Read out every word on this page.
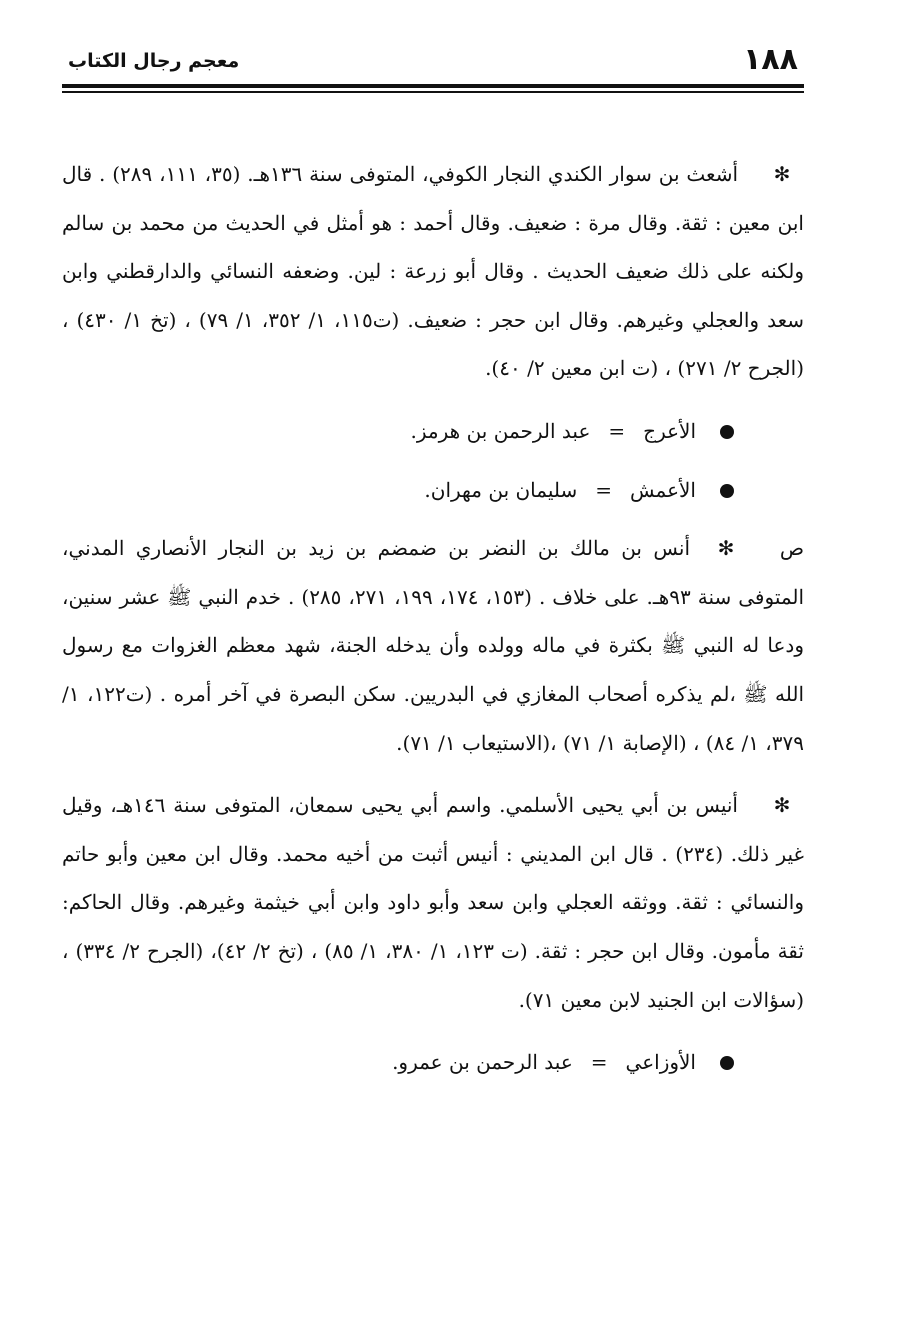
١٨٨
معجم رجال الكتاب

✻أشعث بن سوار الكندي النجار الكوفي، المتوفى سنة ١٣٦هـ. (٣٥، ١١١، ٢٨٩) . قال ابن معين : ثقة. وقال مرة : ضعيف. وقال أحمد : هو أمثل في الحديث من محمد بن سالم ولكنه على ذلك ضعيف الحديث . وقال أبو زرعة : لين. وضعفه النسائي والدارقطني وابن سعد والعجلي وغيرهم. وقال ابن حجر : ضعيف. (ت١١٥، ١/ ٣٥٢، ١/ ٧٩) ، (تخ ١/ ٤٣٠) ، (الجرح ٢/ ٢٧١) ، (ت ابن معين ٢/ ٤٠).

الأعرج=عبد الرحمن بن هرمز.
الأعمش=سليمان بن مهران.

ص✻أنس بن مالك بن النضر بن ضمضم بن زيد بن النجار الأنصاري المدني، المتوفى سنة ٩٣هـ. على خلاف . (١٥٣، ١٧٤، ١٩٩، ٢٧١، ٢٨٥) . خدم النبي ﷺ عشر سنين، ودعا له النبي ﷺ بكثرة في ماله وولده وأن يدخله الجنة، شهد معظم الغزوات مع رسول الله ﷺ ،لم يذكره أصحاب المغازي في البدريين. سكن البصرة في آخر أمره . (ت١٢٢، ١/ ٣٧٩، ١/ ٨٤) ، (الإصابة ١/ ٧١) ،(الاستيعاب ١/ ٧١).

✻أنيس بن أبي يحيى الأسلمي. واسم أبي يحيى سمعان، المتوفى سنة ١٤٦هـ، وقيل غير ذلك. (٢٣٤) . قال ابن المديني : أنيس أثبت من أخيه محمد. وقال ابن معين وأبو حاتم والنسائي : ثقة. ووثقه العجلي وابن سعد وأبو داود وابن أبي خيثمة وغيرهم. وقال الحاكم: ثقة مأمون. وقال ابن حجر : ثقة. (ت ١٢٣، ١/ ٣٨٠، ١/ ٨٥) ، (تخ ٢/ ٤٢)، (الجرح ٢/ ٣٣٤) ، (سؤالات ابن الجنيد لابن معين ٧١).

الأوزاعي=عبد الرحمن بن عمرو.
